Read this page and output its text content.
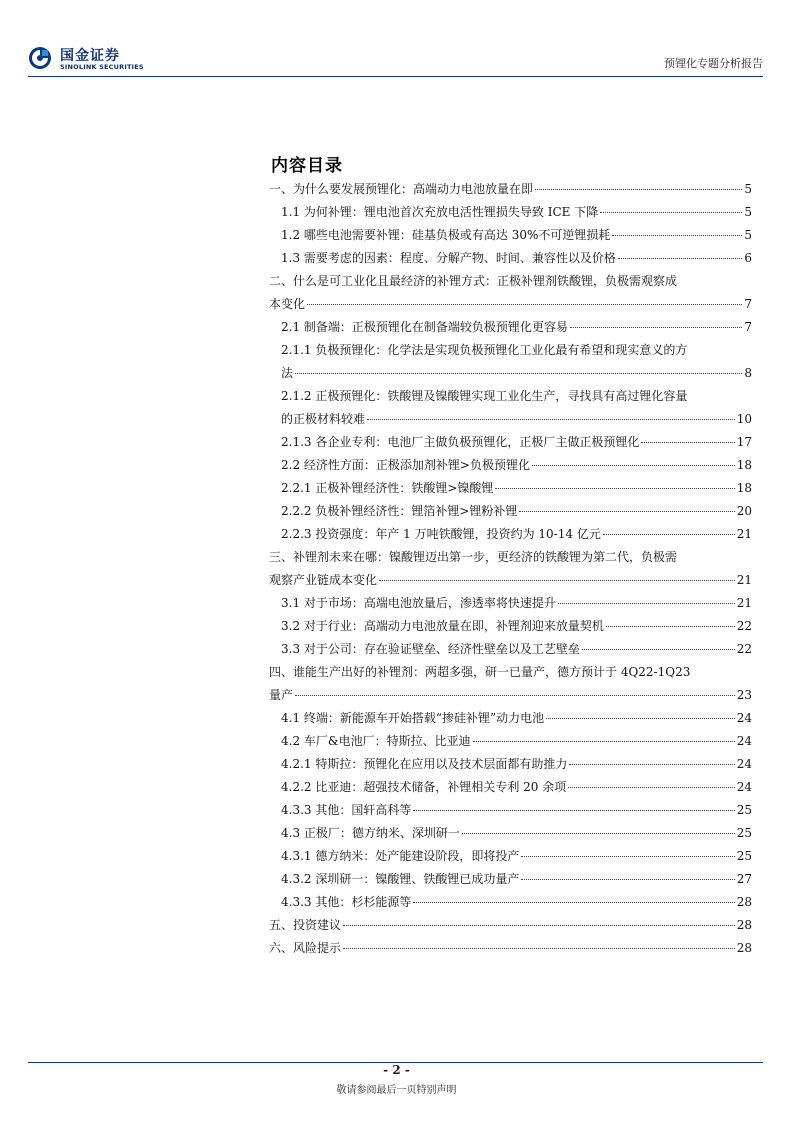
国金证券
SINOLINK SECURITIES	预锂化专题分析报告
内容目录
一、为什么要发展预锂化：高端动力电池放量在即	5
1.1 为何补锂：锂电池首次充放电活性锂损失导致 ICE 下降	5
1.2 哪些电池需要补锂：硅基负极或有高达 30%不可逆锂损耗	5
1.3 需要考虑的因素：程度、分解产物、时间、兼容性以及价格	6
二、什么是可工业化且最经济的补锂方式：正极补锂剂铁酸锂，负极需观察成
本变化	7
2.1 制备端：正极预锂化在制备端较负极预锂化更容易	7
2.1.1 负极预锂化：化学法是实现负极预锂化工业化最有希望和现实意义的方
法	8
2.1.2 正极预锂化：铁酸锂及镍酸锂实现工业化生产，寻找具有高过锂化容量
的正极材料较难	10
2.1.3 各企业专利：电池厂主做负极预锂化，正极厂主做正极预锂化	17
2.2 经济性方面：正极添加剂补锂>负极预锂化	18
2.2.1 正极补锂经济性：铁酸锂>镍酸锂	18
2.2.2 负极补锂经济性：锂箔补锂>锂粉补锂	20
2.2.3 投资强度：年产 1 万吨铁酸锂，投资约为 10-14 亿元	21
三、补锂剂未来在哪：镍酸锂迈出第一步，更经济的铁酸锂为第二代，负极需
观察产业链成本变化	21
3.1 对于市场：高端电池放量后，渗透率将快速提升	21
3.2 对于行业：高端动力电池放量在即，补锂剂迎来放量契机	22
3.3 对于公司：存在验证壁垒、经济性壁垒以及工艺壁垒	22
四、谁能生产出好的补锂剂：两超多强，研一已量产，德方预计于 4Q22-1Q23
量产	23
4.1 终端：新能源车开始搭载“掺硅补锂”动力电池	24
4.2 车厂&电池厂：特斯拉、比亚迪	24
4.2.1 特斯拉：预锂化在应用以及技术层面都有助推力	24
4.2.2 比亚迪：超强技术储备，补锂相关专利 20 余项	24
4.3.3 其他：国轩高科等	25
4.3 正极厂：德方纳米、深圳研一	25
4.3.1 德方纳米：处产能建设阶段，即将投产	25
4.3.2 深圳研一：镍酸锂、铁酸锂已成功量产	27
4.3.3 其他：杉杉能源等	28
五、投资建议	28
六、风险提示	28
- 2 -
敬请参阅最后一页特别声明
